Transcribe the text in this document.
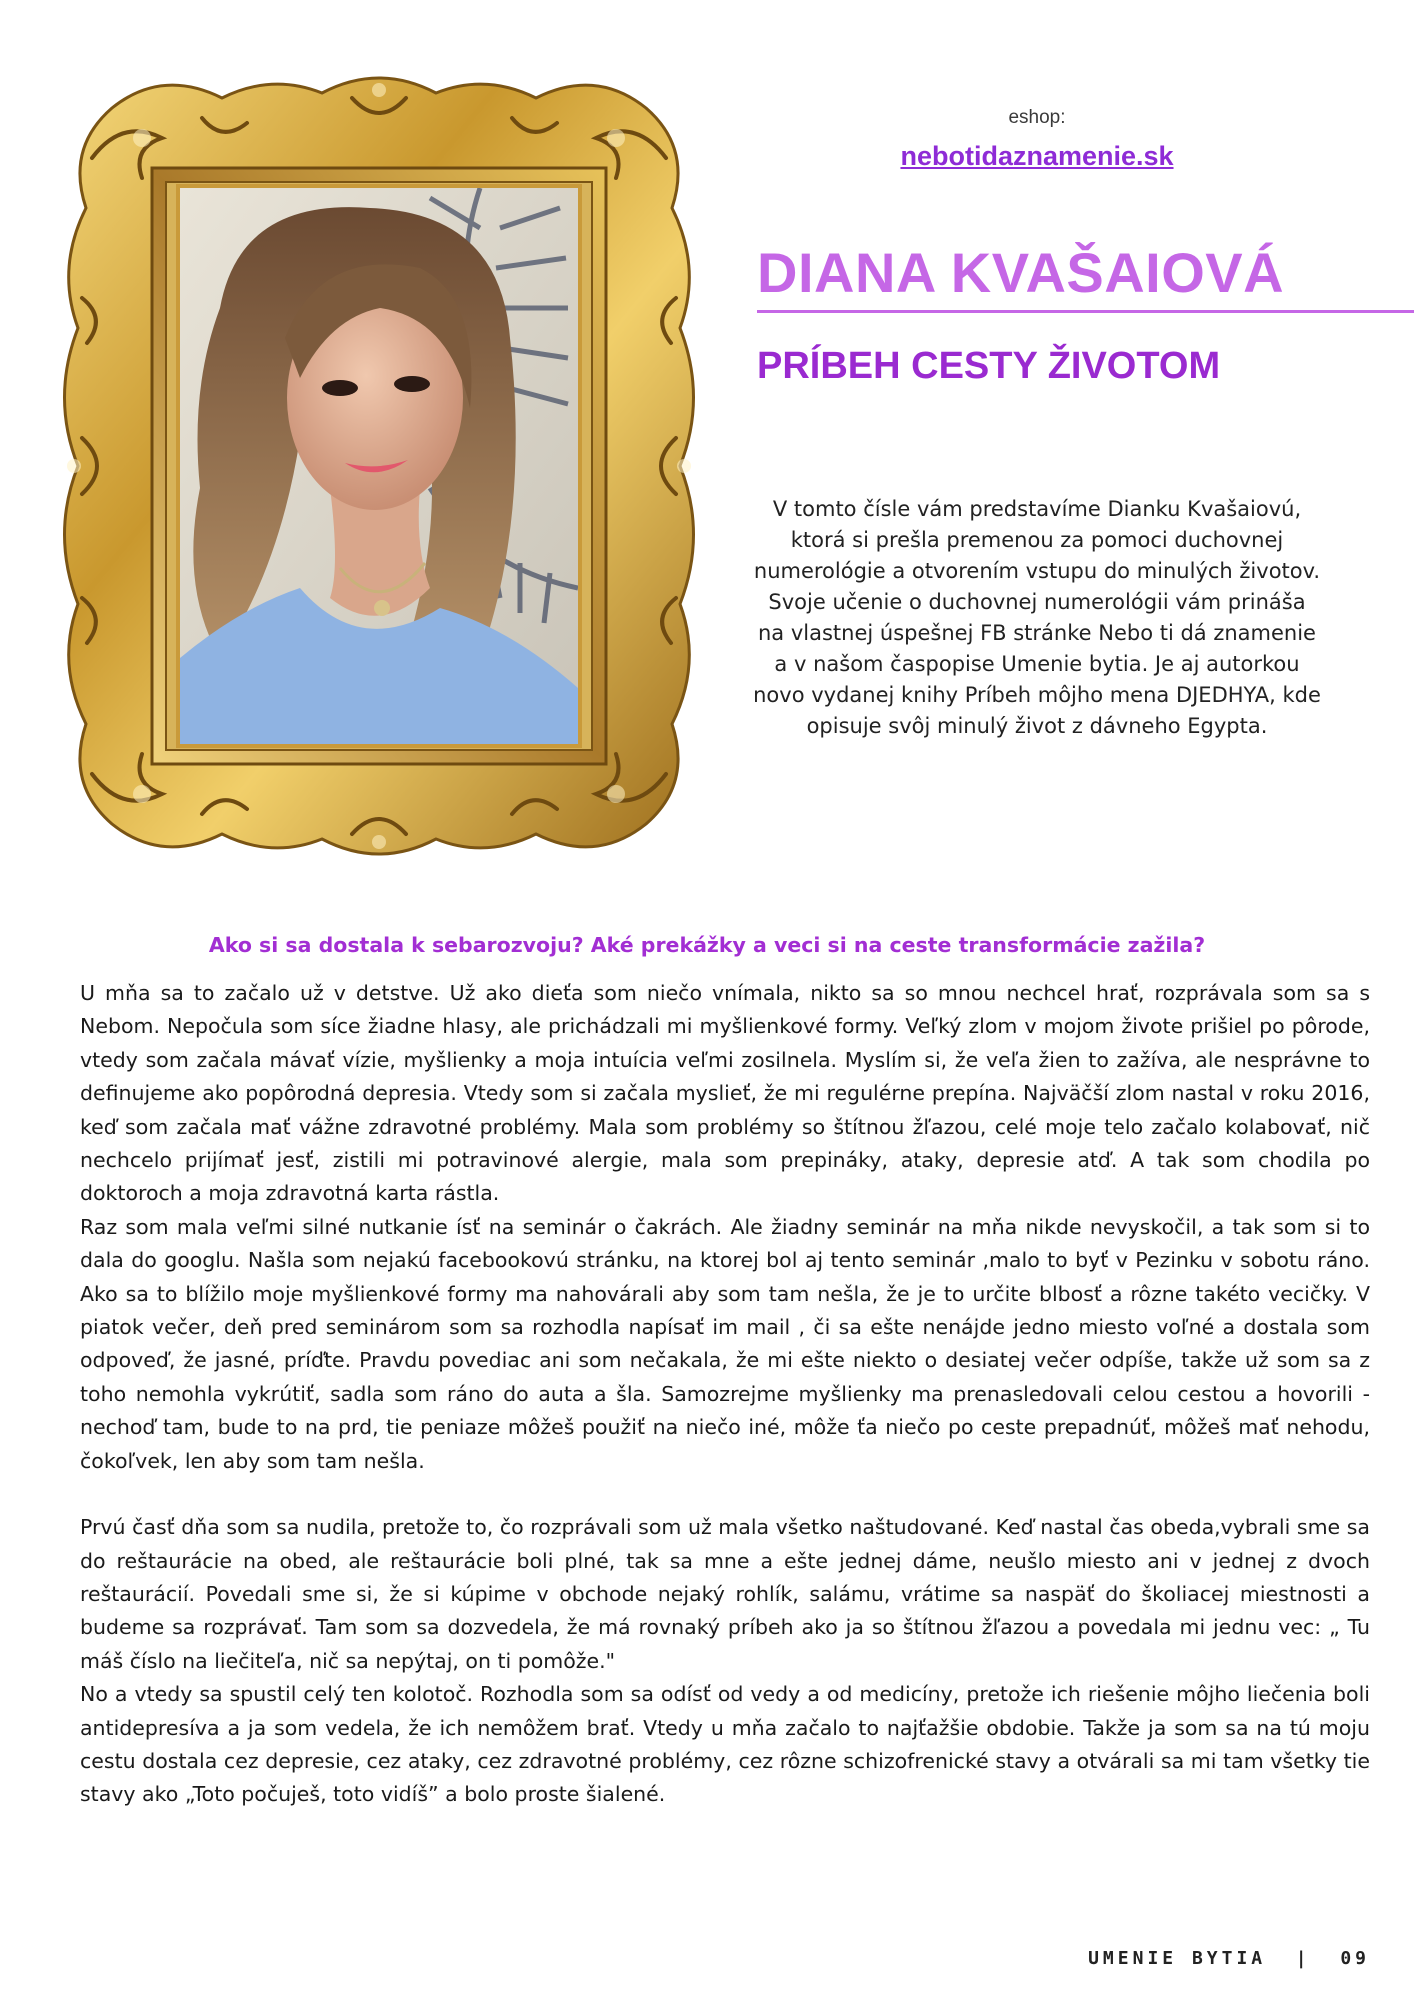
eshop:
nebotidaznamenie.sk
DIANA KVAŠAIOVÁ
PRÍBEH CESTY ŽIVOTOM
V tomto čísle vám predstavíme Dianku Kvašaiovú, ktorá si prešla premenou za pomoci duchovnej numerológie a otvorením vstupu do minulých životov. Svoje učenie o duchovnej numerológii vám prináša na vlastnej úspešnej FB stránke Nebo ti dá znamenie a v našom časpopise Umenie bytia. Je aj autorkou novo vydanej knihy Príbeh môjho mena DJEDHYA, kde opisuje svôj minulý život z dávneho Egypta.
Ako si sa dostala k sebarozvoju? Aké prekážky a veci si na ceste transformácie zažila?

U mňa sa to začalo už v detstve. Už ako dieťa som niečo vnímala, nikto sa so mnou nechcel hrať, rozprávala som sa s Nebom. Nepočula som síce žiadne hlasy, ale prichádzali mi myšlienkové formy. Veľký zlom v mojom živote prišiel po pôrode, vtedy som začala mávať vízie, myšlienky a moja intuícia veľmi zosilnela. Myslím si, že veľa žien to zažíva, ale nesprávne to definujeme ako popôrodná depresia. Vtedy som si začala myslieť, že mi regulérne prepína. Najväčší zlom nastal v roku 2016, keď som začala mať vážne zdravotné problémy. Mala som problémy so štítnou žľazou, celé moje telo začalo kolabovať, nič nechcelo prijímať jesť, zistili mi potravinové alergie, mala som prepináky, ataky, depresie atď. A tak som chodila po doktoroch a moja zdravotná karta rástla.

Raz som mala veľmi silné nutkanie ísť na seminár o čakrách. Ale žiadny seminár na mňa nikde nevyskočil, a tak som si to dala do googlu. Našla som nejakú facebookovú stránku, na ktorej bol aj tento seminár ,malo to byť v Pezinku v sobotu ráno. Ako sa to blížilo moje myšlienkové formy ma nahovárali aby som tam nešla, že je to určite blbosť a rôzne takéto vecičky. V piatok večer, deň pred seminárom som sa rozhodla napísať im mail , či sa ešte nenájde jedno miesto voľné a dostala som odpoveď, že jasné, príďte. Pravdu povediac ani som nečakala, že mi ešte niekto o desiatej večer odpíše, takže už som sa z toho nemohla vykrútiť, sadla som ráno do auta a šla. Samozrejme myšlienky ma prenasledovali celou cestou a hovorili - nechoď tam, bude to na prd, tie peniaze môžeš použiť na niečo iné, môže ťa niečo po ceste prepadnúť, môžeš mať nehodu, čokoľvek, len aby som tam nešla.

Prvú časť dňa som sa nudila, pretože to, čo rozprávali som už mala všetko naštudované. Keď nastal čas obeda,vybrali sme sa do reštaurácie na obed, ale reštaurácie boli plné, tak sa mne a ešte jednej dáme, neušlo miesto ani v jednej z dvoch reštaurácií. Povedali sme si, že si kúpime v obchode nejaký rohlík, salámu, vrátime sa naspäť do školiacej miestnosti a budeme sa rozprávať. Tam som sa dozvedela, že má rovnaký príbeh ako ja so štítnou žľazou a povedala mi jednu vec: „ Tu máš číslo na liečiteľa, nič sa nepýtaj, on ti pomôže."

No a vtedy sa spustil celý ten kolotoč. Rozhodla som sa odísť od vedy a od medicíny, pretože ich riešenie môjho liečenia boli antidepresíva a ja som vedela, že ich nemôžem brať. Vtedy u mňa začalo to najťažšie obdobie. Takže ja som sa na tú moju cestu dostala cez depresie, cez ataky, cez zdravotné problémy, cez rôzne schizofrenické stavy a otvárali sa mi tam všetky tie stavy ako „Toto počuješ, toto vidíš” a bolo proste šialené.

UMENIE BYTIA  |  09
